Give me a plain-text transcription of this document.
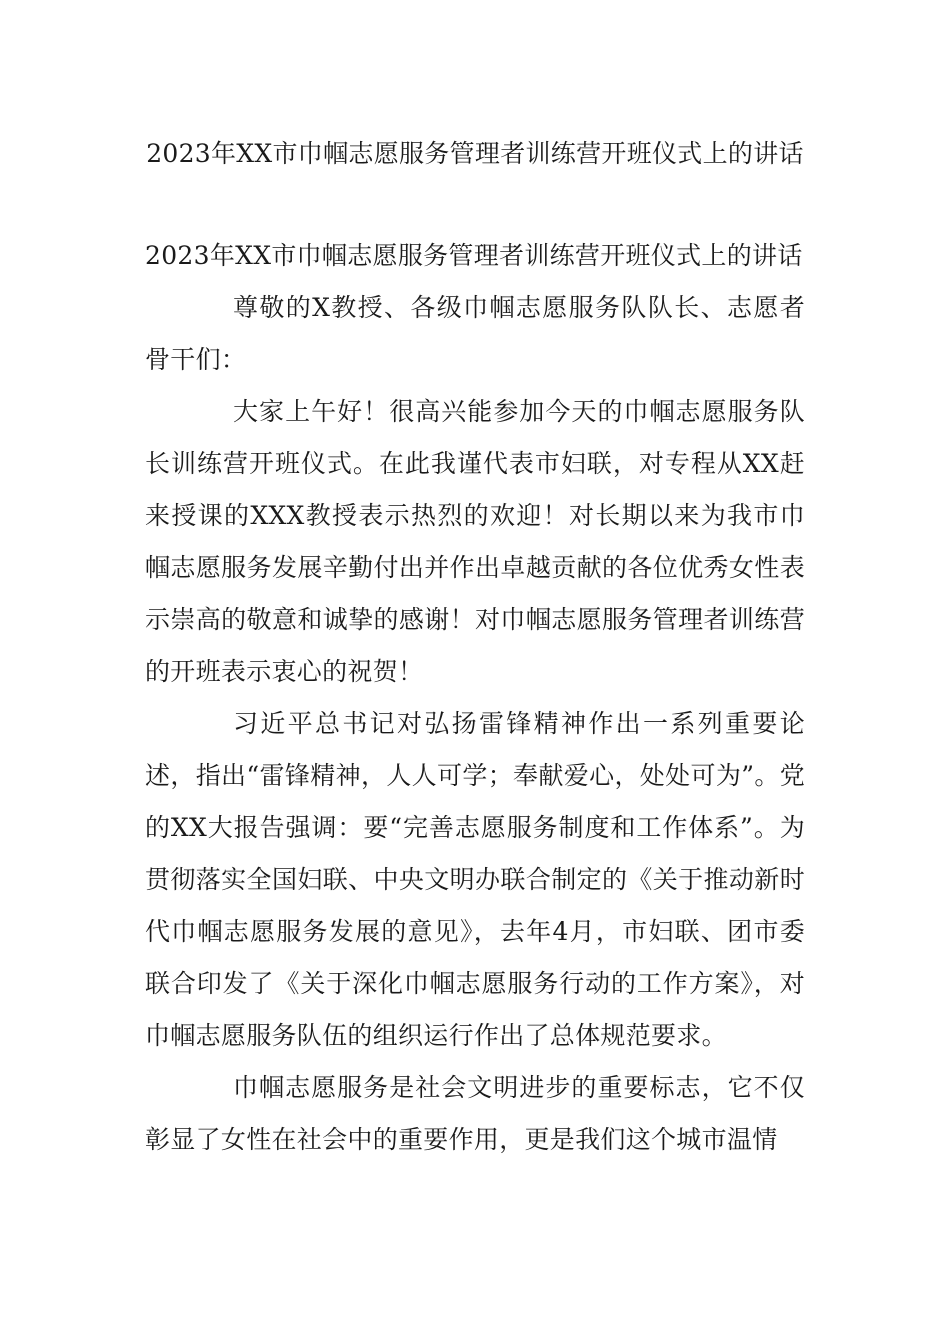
2023年XX市巾帼志愿服务管理者训练营开班仪式上的讲话

2023年XX市巾帼志愿服务管理者训练营开班仪式上的讲话

尊敬的X教授、各级巾帼志愿服务队队长、志愿者骨干们：

大家上午好！很高兴能参加今天的巾帼志愿服务队长训练营开班仪式。在此我谨代表市妇联，对专程从XX赶来授课的XXX教授表示热烈的欢迎！对长期以来为我市巾帼志愿服务发展辛勤付出并作出卓越贡献的各位优秀女性表示崇高的敬意和诚挚的感谢！对巾帼志愿服务管理者训练营的开班表示衷心的祝贺！

习近平总书记对弘扬雷锋精神作出一系列重要论述，指出“雷锋精神，人人可学；奉献爱心，处处可为”。党的XX大报告强调：要“完善志愿服务制度和工作体系”。为贯彻落实全国妇联、中央文明办联合制定的《关于推动新时代巾帼志愿服务发展的意见》，去年4月，市妇联、团市委联合印发了《关于深化巾帼志愿服务行动的工作方案》，对巾帼志愿服务队伍的组织运行作出了总体规范要求。

巾帼志愿服务是社会文明进步的重要标志，它不仅彰显了女性在社会中的重要作用，更是我们这个城市温情
